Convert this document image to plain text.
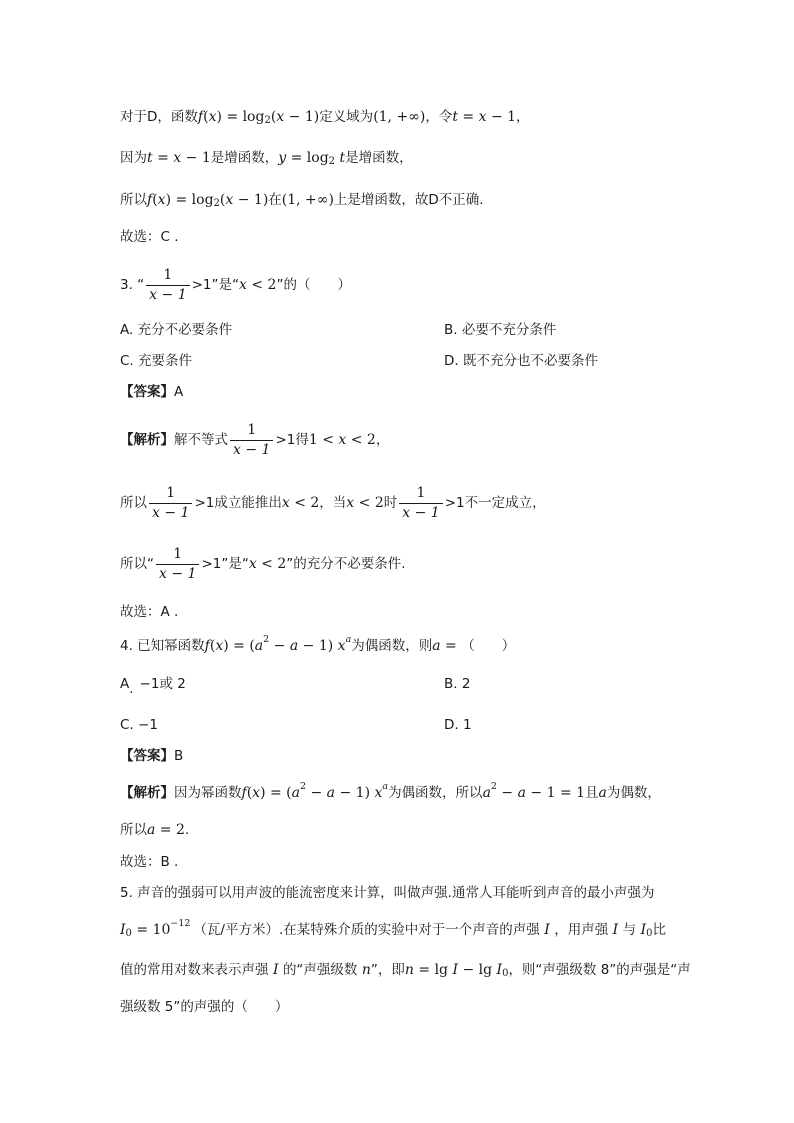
对于D，函数 f ( x ) = log 2 ( x − 1) 定义域为 (1, +∞) ，令 t = x − 1 ，
因为 t = x − 1 是增函数， y = log 2 t 是增函数，
所以 f ( x ) = log 2 ( x − 1) 在 (1, +∞) 上是增函数，故D不正确.
故选：C .
3. “ $\frac{1}{x - 1} >1$”是“ x < 2 ”的（　　）
A. 充分不必要条件	B. 必要不充分条件
C. 充要条件	D. 既不充分也不必要条件
【答案】 A
【解析】 解不等式 $\frac{1}{x - 1} >1$得 1 < x < 2 ，
所以 $\frac{1}{x - 1} >1$成立能推出 x < 2 ，当 x < 2 时 $\frac{1}{x - 1} >1$不一定成立，
所以“ $\frac{1}{x - 1} >1$”是“ x < 2 ”的充分不必要条件.
故选：A .
4. 已知幂函数 f ( x ) = ( a 2 − a − 1) x a 为偶函数，则 a = （　　）
A . −1或 2	B. 2
C. −1	D. 1
【答案】 B
【解析】 因为幂函数 f ( x ) = ( a 2 − a − 1) x a 为偶函数，所以 a 2 − a − 1 = 1 且 a 为偶数，
所以 a = 2 .
故选：B .
5. 声音的强弱可以用声波的能流密度来计算，叫做声强.通常人耳能听到声音的最小声强为
I 0 = 10 −12 （瓦/平方米）.在某特殊介质的实验中对于一个声音的声强 I ，用声强 I 与 I 0 比
值的常用对数来表示声强 I 的“声强级数 n ”，即 n = lg I − lg I 0 ，则“声强级数 8”的声强是“声
强级数 5”的声强的（　　）
